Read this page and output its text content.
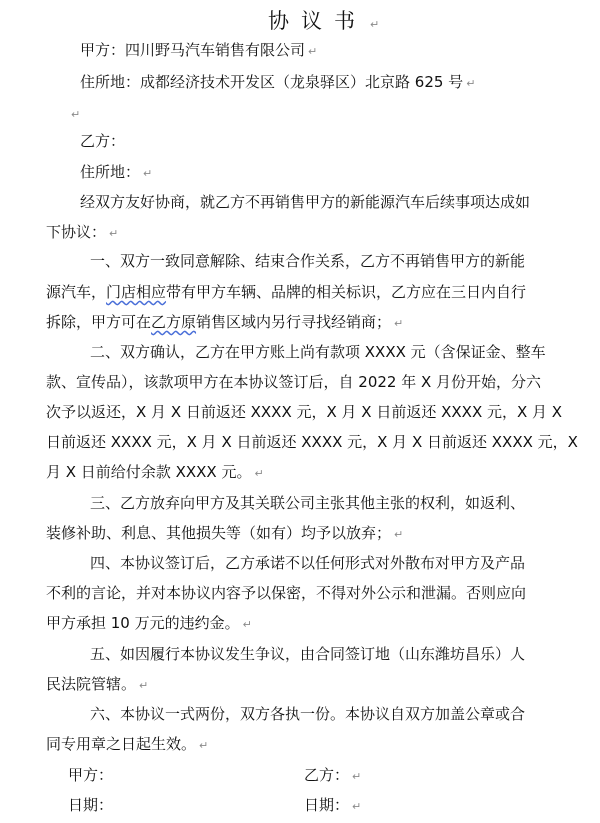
协议书 ↵
甲方：四川野马汽车销售有限公司 ↵
住所地：成都经济技术开发区（龙泉驿区）北京路 625 号 ↵
↵
乙方：
住所地： ↵
经双方友好协商，就乙方不再销售甲方的新能源汽车后续事项达成如
下协议： ↵
一、双方一致同意解除、结束合作关系，乙方不再销售甲方的新能
源汽车，门店相应带有甲方车辆、品牌的相关标识，乙方应在三日内自行
拆除，甲方可在乙方原销售区域内另行寻找经销商； ↵
二、双方确认，乙方在甲方账上尚有款项 XXXX 元（含保证金、整车
款、宣传品），该款项甲方在本协议签订后，自 2022 年 X 月份开始，分六
次予以返还，X 月 X 日前返还 XXXX 元，X 月 X 日前返还 XXXX 元，X 月 X
日前返还 XXXX 元，X 月 X 日前返还 XXXX 元，X 月 X 日前返还 XXXX 元，X
月 X 日前给付余款 XXXX 元。 ↵
三、乙方放弃向甲方及其关联公司主张其他主张的权利，如返利、
装修补助、利息、其他损失等（如有）均予以放弃； ↵
四、本协议签订后，乙方承诺不以任何形式对外散布对甲方及产品
不利的言论，并对本协议内容予以保密，不得对外公示和泄漏。否则应向
甲方承担 10 万元的违约金。 ↵
五、如因履行本协议发生争议，由合同签订地（山东潍坊昌乐）人
民法院管辖。 ↵
六、本协议一式两份，双方各执一份。本协议自双方加盖公章或合
同专用章之日起生效。 ↵
甲方：	乙方： ↵
日期：	日期： ↵
